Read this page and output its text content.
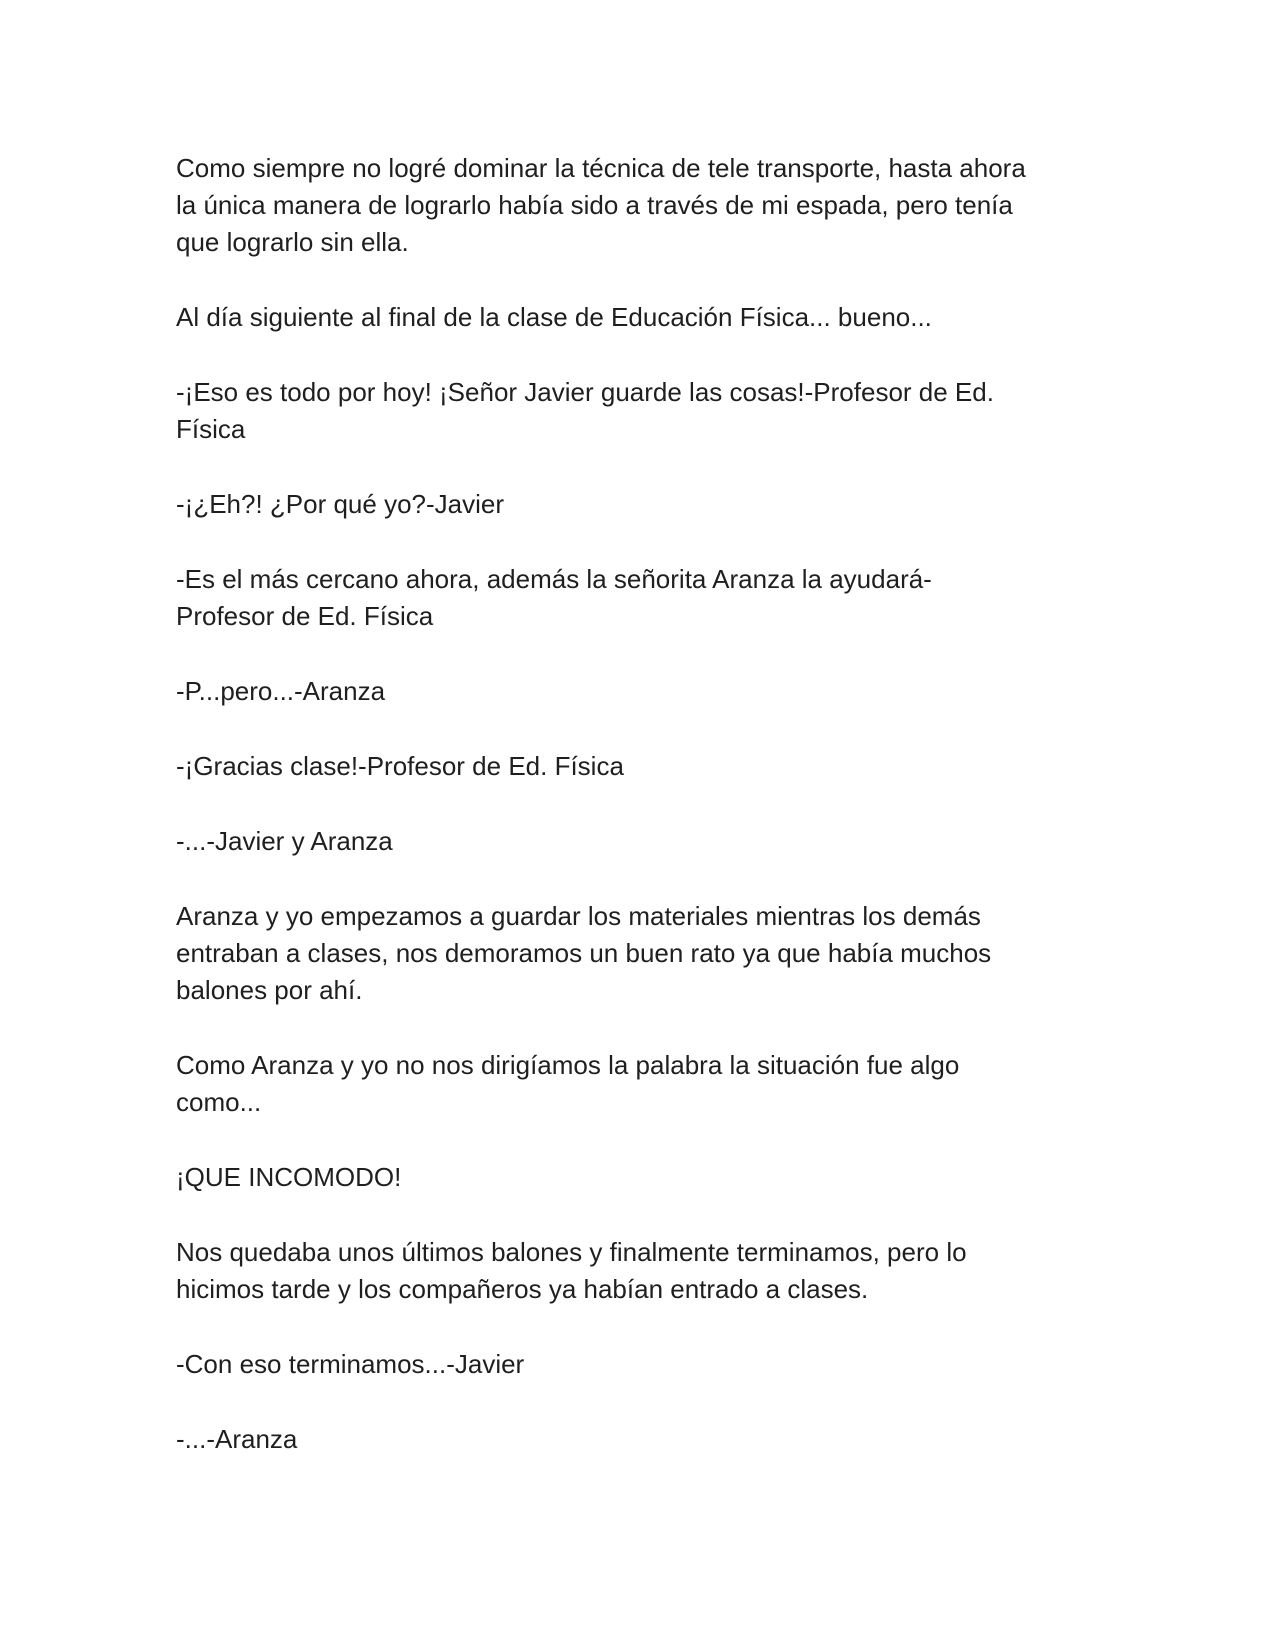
Como siempre no logré dominar la técnica de tele transporte, hasta ahora
la única manera de lograrlo había sido a través de mi espada, pero tenía
que lograrlo sin ella.
Al día siguiente al final de la clase de Educación Física... bueno...
-¡Eso es todo por hoy! ¡Señor Javier guarde las cosas!-Profesor de Ed.
Física
-¡¿Eh?! ¿Por qué yo?-Javier
-Es el más cercano ahora, además la señorita Aranza la ayudará-
Profesor de Ed. Física
-P...pero...-Aranza
-¡Gracias clase!-Profesor de Ed. Física
-...-Javier y Aranza
Aranza y yo empezamos a guardar los materiales mientras los demás
entraban a clases, nos demoramos un buen rato ya que había muchos
balones por ahí.
Como Aranza y yo no nos dirigíamos la palabra la situación fue algo
como...
¡QUE INCOMODO!
Nos quedaba unos últimos balones y finalmente terminamos, pero lo
hicimos tarde y los compañeros ya habían entrado a clases.
-Con eso terminamos...-Javier
-...-Aranza
